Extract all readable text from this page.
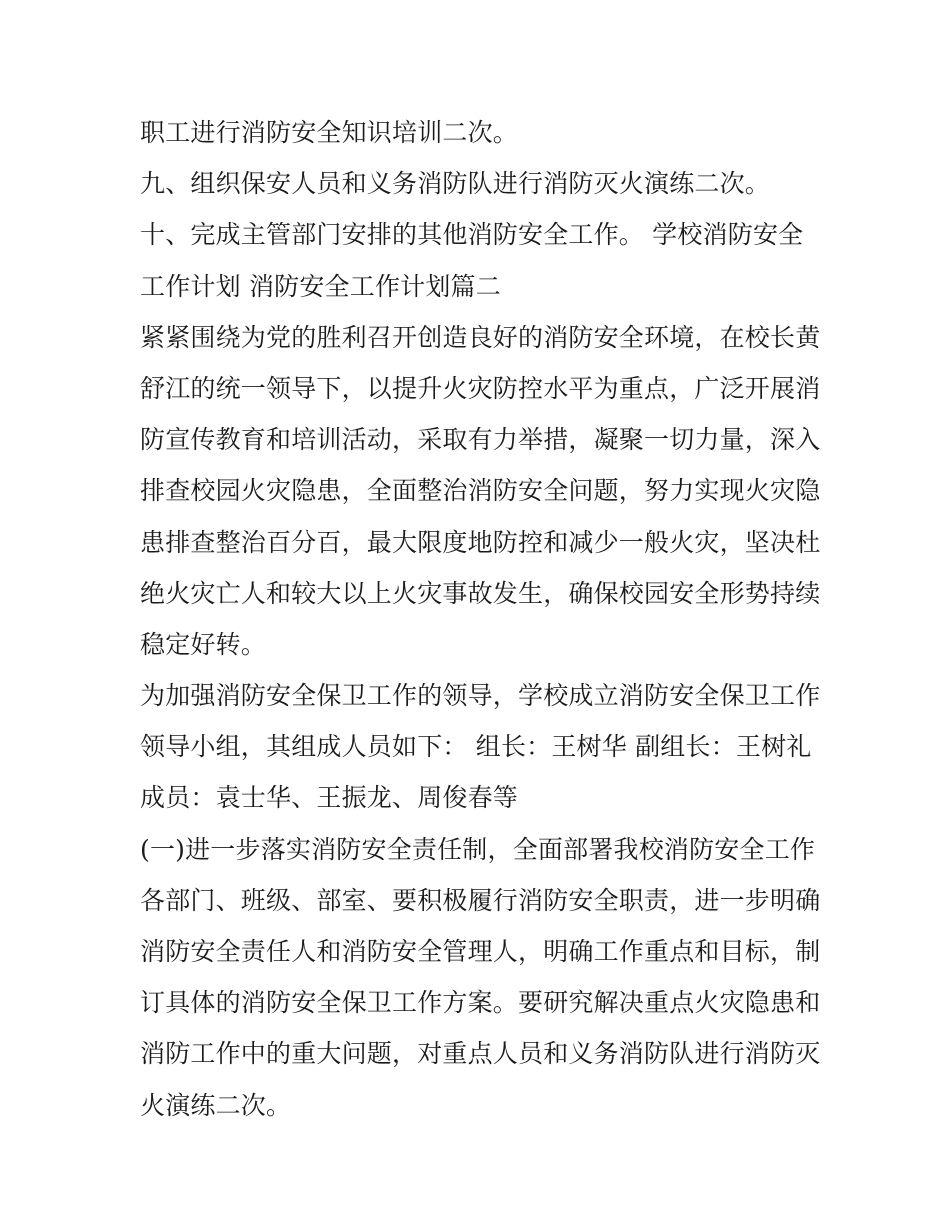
职工进行消防安全知识培训二次。
九、组织保安人员和义务消防队进行消防灭火演练二次。
十、完成主管部门安排的其他消防安全工作。 学校消防安全
工作计划 消防安全工作计划篇二
紧紧围绕为党的胜利召开创造良好的消防安全环境，在校长黄
舒江的统一领导下，以提升火灾防控水平为重点，广泛开展消
防宣传教育和培训活动，采取有力举措，凝聚一切力量，深入
排查校园火灾隐患，全面整治消防安全问题，努力实现火灾隐
患排查整治百分百，最大限度地防控和减少一般火灾，坚决杜
绝火灾亡人和较大以上火灾事故发生，确保校园安全形势持续
稳定好转。
为加强消防安全保卫工作的领导，学校成立消防安全保卫工作
领导小组，其组成人员如下： 组长：王树华 副组长：王树礼
成员：袁士华、王振龙、周俊春等
(一)进一步落实消防安全责任制，全面部署我校消防安全工作
各部门、班级、部室、要积极履行消防安全职责，进一步明确
消防安全责任人和消防安全管理人，明确工作重点和目标，制
订具体的消防安全保卫工作方案。要研究解决重点火灾隐患和
消防工作中的重大问题，对重点人员和义务消防队进行消防灭
火演练二次。
